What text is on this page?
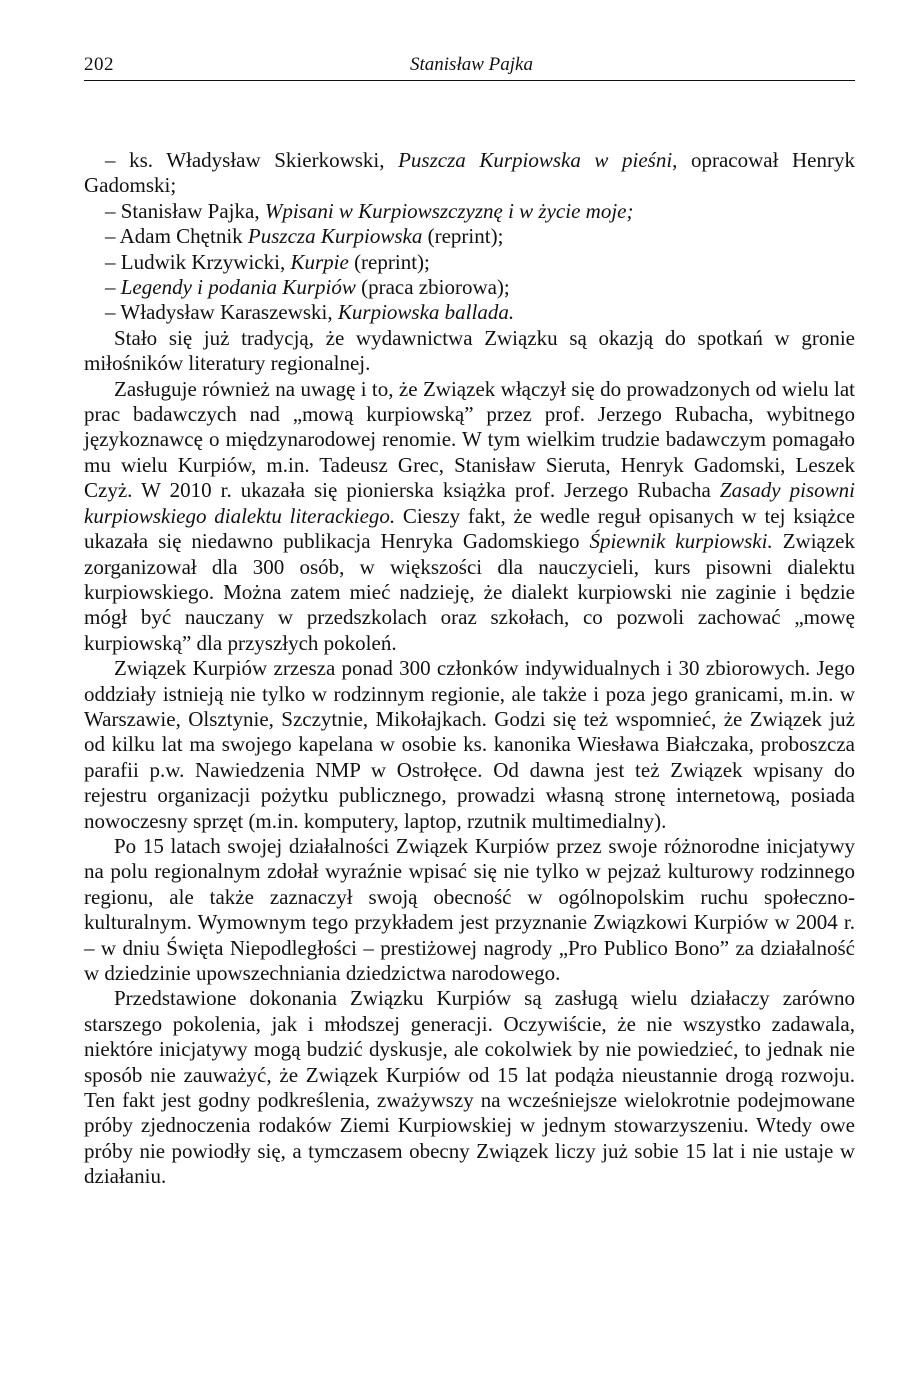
202	Stanisław Pajka

– ks. Władysław Skierkowski, Puszcza Kurpiowska w pieśni, opracował Henryk Gadomski;

– Stanisław Pajka, Wpisani w Kurpiowszczyznę i w życie moje;

– Adam Chętnik Puszcza Kurpiowska (reprint);

– Ludwik Krzywicki, Kurpie (reprint);

– Legendy i podania Kurpiów (praca zbiorowa);

– Władysław Karaszewski, Kurpiowska ballada.

Stało się już tradycją, że wydawnictwa Związku są okazją do spotkań w gronie miłośników literatury regionalnej.

Zasługuje również na uwagę i to, że Związek włączył się do prowadzonych od wielu lat prac badawczych nad „mową kurpiowską” przez prof. Jerzego Rubacha, wybitnego językoznawcę o międzynarodowej renomie. W tym wielkim trudzie badawczym pomagało mu wielu Kurpiów, m.in. Tadeusz Grec, Stanisław Sieruta, Henryk Gadomski, Leszek Czyż. W 2010 r. ukazała się pionierska książka prof. Jerzego Rubacha Zasady pisowni kurpiowskiego dialektu literackiego. Cieszy fakt, że wedle reguł opisanych w tej książce ukazała się niedawno publikacja Henryka Gadomskiego Śpiewnik kurpiowski. Związek zorganizował dla 300 osób, w większości dla nauczycieli, kurs pisowni dialektu kurpiowskiego. Można zatem mieć nadzieję, że dialekt kurpiowski nie zaginie i będzie mógł być nauczany w przedszkolach oraz szkołach, co pozwoli zachować „mowę kurpiowską” dla przyszłych pokoleń.

Związek Kurpiów zrzesza ponad 300 członków indywidualnych i 30 zbiorowych. Jego oddziały istnieją nie tylko w rodzinnym regionie, ale także i poza jego granicami, m.in. w Warszawie, Olsztynie, Szczytnie, Mikołajkach. Godzi się też wspomnieć, że Związek już od kilku lat ma swojego kapelana w osobie ks. kanonika Wiesława Białczaka, proboszcza parafii p.w. Nawiedzenia NMP w Ostrołęce. Od dawna jest też Związek wpisany do rejestru organizacji pożytku publicznego, prowadzi własną stronę internetową, posiada nowoczesny sprzęt (m.in. komputery, laptop, rzutnik multimedialny).

Po 15 latach swojej działalności Związek Kurpiów przez swoje różnorodne inicjatywy na polu regionalnym zdołał wyraźnie wpisać się nie tylko w pejzaż kulturowy rodzinnego regionu, ale także zaznaczył swoją obecność w ogólnopolskim ruchu społeczno-kulturalnym. Wymownym tego przykładem jest przyznanie Związkowi Kurpiów w 2004 r. – w dniu Święta Niepodległości – prestiżowej nagrody „Pro Publico Bono” za działalność w dziedzinie upowszechniania dziedzictwa narodowego.

Przedstawione dokonania Związku Kurpiów są zasługą wielu działaczy zarówno starszego pokolenia, jak i młodszej generacji. Oczywiście, że nie wszystko zadawala, niektóre inicjatywy mogą budzić dyskusje, ale cokolwiek by nie powiedzieć, to jednak nie sposób nie zauważyć, że Związek Kurpiów od 15 lat podąża nieustannie drogą rozwoju. Ten fakt jest godny podkreślenia, zważywszy na wcześniejsze wielokrotnie podejmowane próby zjednoczenia rodaków Ziemi Kurpiowskiej w jednym stowarzyszeniu. Wtedy owe próby nie powiodły się, a tymczasem obecny Związek liczy już sobie 15 lat i nie ustaje w działaniu.
